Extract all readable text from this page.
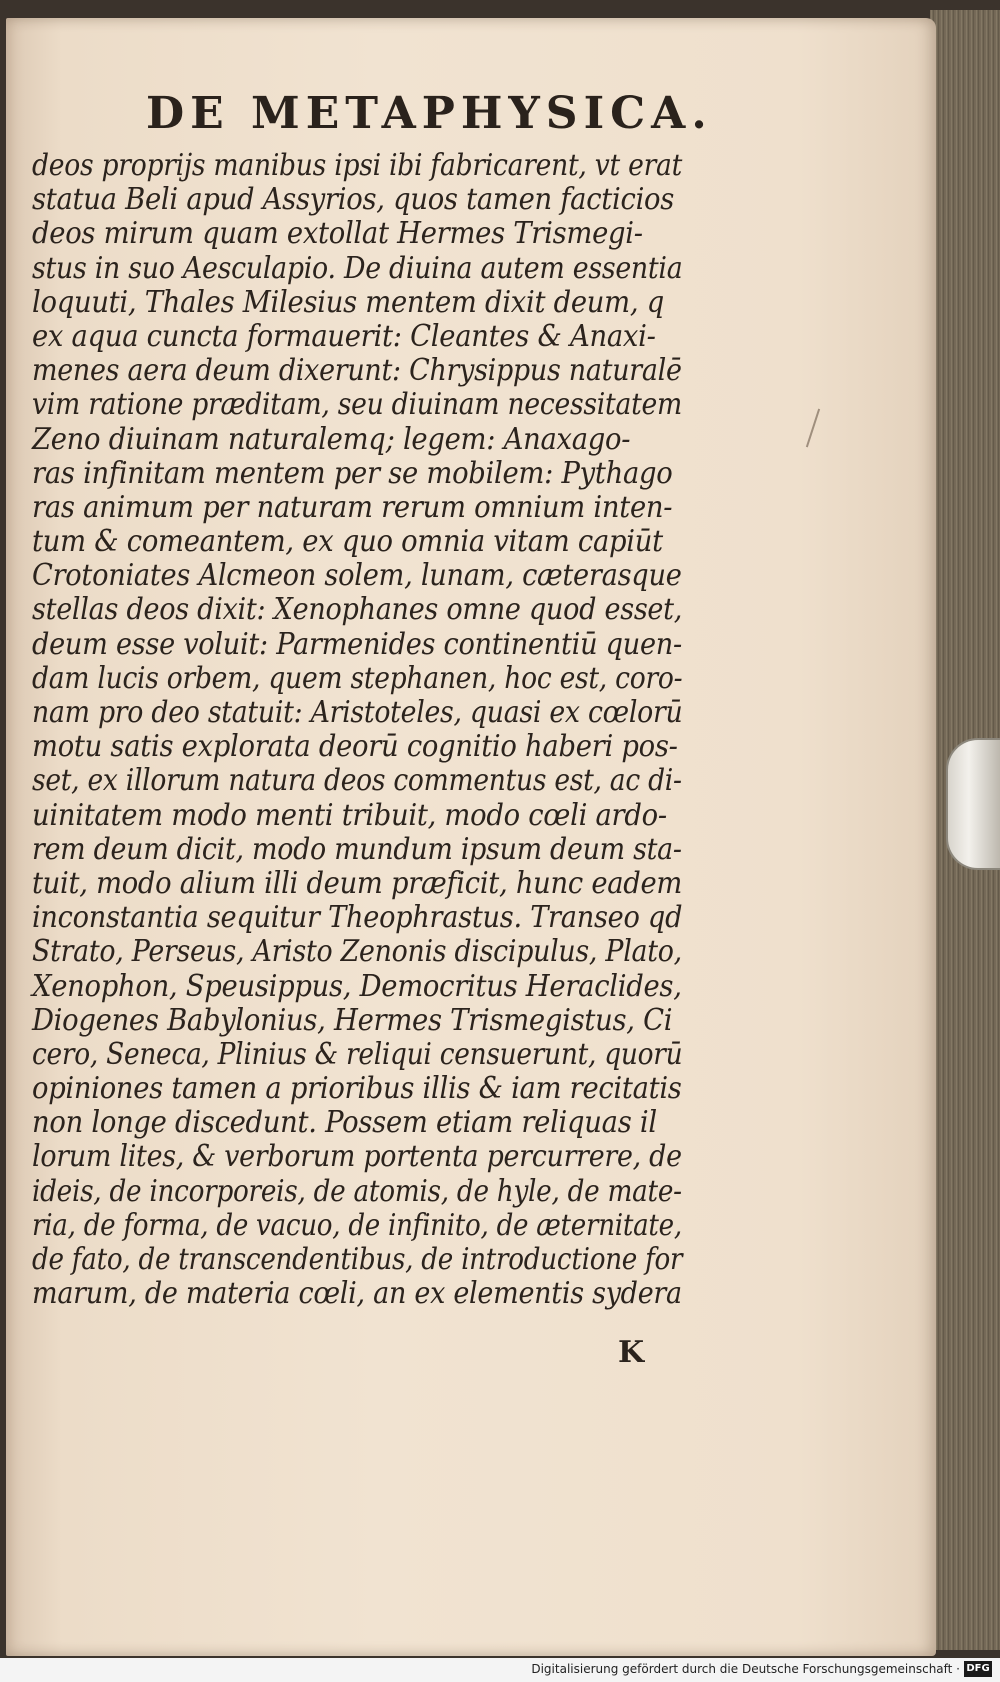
DE METAPHYSICA.
deos proprijs manibus ipsi ibi fabricarent, vt erat
statua Beli apud Assyrios, quos tamen facticios
deos mirum quam extollat Hermes Trismegi-
stus in suo Aesculapio. De diuina autem essentia
loquuti, Thales Milesius mentem dixit deum, q
ex aqua cuncta formauerit: Cleantes & Anaxi-
menes aera deum dixerunt: Chrysippus naturalē
vim ratione præditam, seu diuinam necessitatem
Zeno diuinam naturalemq; legem: Anaxago-
ras infinitam mentem per se mobilem: Pythago
ras animum per naturam rerum omnium inten-
tum & comeantem, ex quo omnia vitam capiūt
Crotoniates Alcmeon solem, lunam, cæterasque
stellas deos dixit: Xenophanes omne quod esset,
deum esse voluit: Parmenides continentiū quen-
dam lucis orbem, quem stephanen, hoc est, coro-
nam pro deo statuit: Aristoteles, quasi ex cœlorū
motu satis explorata deorū cognitio haberi pos-
set, ex illorum natura deos commentus est, ac di-
uinitatem modo menti tribuit, modo cœli ardo-
rem deum dicit, modo mundum ipsum deum sta-
tuit, modo alium illi deum præficit, hunc eadem
inconstantia sequitur Theophrastus. Transeo qd
Strato, Perseus, Aristo Zenonis discipulus, Plato,
Xenophon, Speusippus, Democritus Heraclides,
Diogenes Babylonius, Hermes Trismegistus, Ci
cero, Seneca, Plinius & reliqui censuerunt, quorū
opiniones tamen a prioribus illis & iam recitatis
non longe discedunt. Possem etiam reliquas il
lorum lites, & verborum portenta percurrere, de
ideis, de incorporeis, de atomis, de hyle, de mate-
ria, de forma, de vacuo, de infinito, de æternitate,
de fato, de transcendentibus, de introductione for
marum, de materia cœli, an ex elementis sydera
K
Digitalisierung gefördert durch die Deutsche Forschungsgemeinschaft · DFG
